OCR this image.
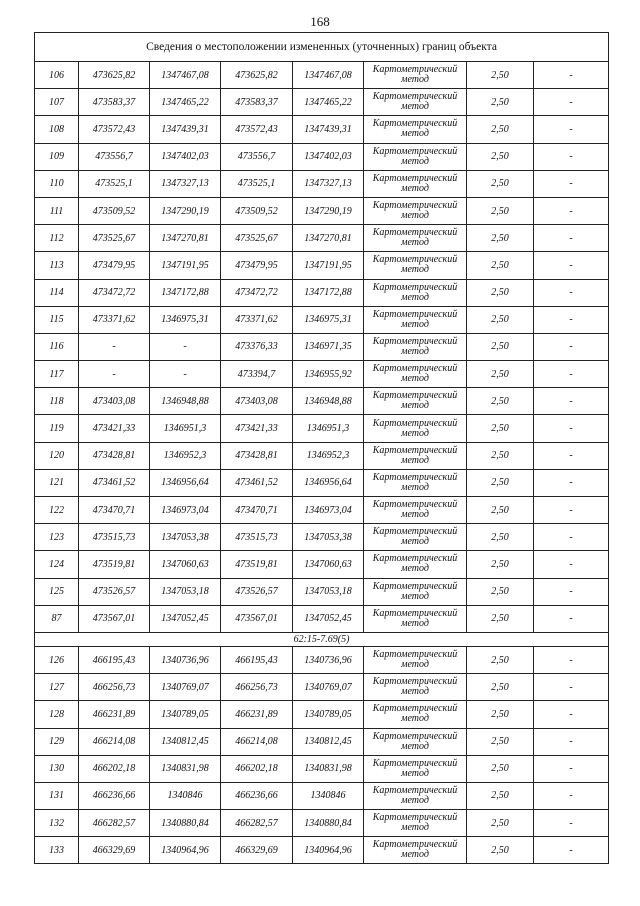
168
Сведения о местоположении измененных (уточненных) границ объекта							
106	473625,82	1347467,08	473625,82	1347467,08	Картометрический
метод	2,50	-
107	473583,37	1347465,22	473583,37	1347465,22	Картометрический
метод	2,50	-
108	473572,43	1347439,31	473572,43	1347439,31	Картометрический
метод	2,50	-
109	473556,7	1347402,03	473556,7	1347402,03	Картометрический
метод	2,50	-
110	473525,1	1347327,13	473525,1	1347327,13	Картометрический
метод	2,50	-
111	473509,52	1347290,19	473509,52	1347290,19	Картометрический
метод	2,50	-
112	473525,67	1347270,81	473525,67	1347270,81	Картометрический
метод	2,50	-
113	473479,95	1347191,95	473479,95	1347191,95	Картометрический
метод	2,50	-
114	473472,72	1347172,88	473472,72	1347172,88	Картометрический
метод	2,50	-
115	473371,62	1346975,31	473371,62	1346975,31	Картометрический
метод	2,50	-
116	-	-	473376,33	1346971,35	Картометрический
метод	2,50	-
117	-	-	473394,7	1346955,92	Картометрический
метод	2,50	-
118	473403,08	1346948,88	473403,08	1346948,88	Картометрический
метод	2,50	-
119	473421,33	1346951,3	473421,33	1346951,3	Картометрический
метод	2,50	-
120	473428,81	1346952,3	473428,81	1346952,3	Картометрический
метод	2,50	-
121	473461,52	1346956,64	473461,52	1346956,64	Картометрический
метод	2,50	-
122	473470,71	1346973,04	473470,71	1346973,04	Картометрический
метод	2,50	-
123	473515,73	1347053,38	473515,73	1347053,38	Картометрический
метод	2,50	-
124	473519,81	1347060,63	473519,81	1347060,63	Картометрический
метод	2,50	-
125	473526,57	1347053,18	473526,57	1347053,18	Картометрический
метод	2,50	-
87	473567,01	1347052,45	473567,01	1347052,45	Картометрический
метод	2,50	-
62:15-7.69(5)							
126	466195,43	1340736,96	466195,43	1340736,96	Картометрический
метод	2,50	-
127	466256,73	1340769,07	466256,73	1340769,07	Картометрический
метод	2,50	-
128	466231,89	1340789,05	466231,89	1340789,05	Картометрический
метод	2,50	-
129	466214,08	1340812,45	466214,08	1340812,45	Картометрический
метод	2,50	-
130	466202,18	1340831,98	466202,18	1340831,98	Картометрический
метод	2,50	-
131	466236,66	1340846	466236,66	1340846	Картометрический
метод	2,50	-
132	466282,57	1340880,84	466282,57	1340880,84	Картометрический
метод	2,50	-
133	466329,69	1340964,96	466329,69	1340964,96	Картометрический
метод	2,50	-
